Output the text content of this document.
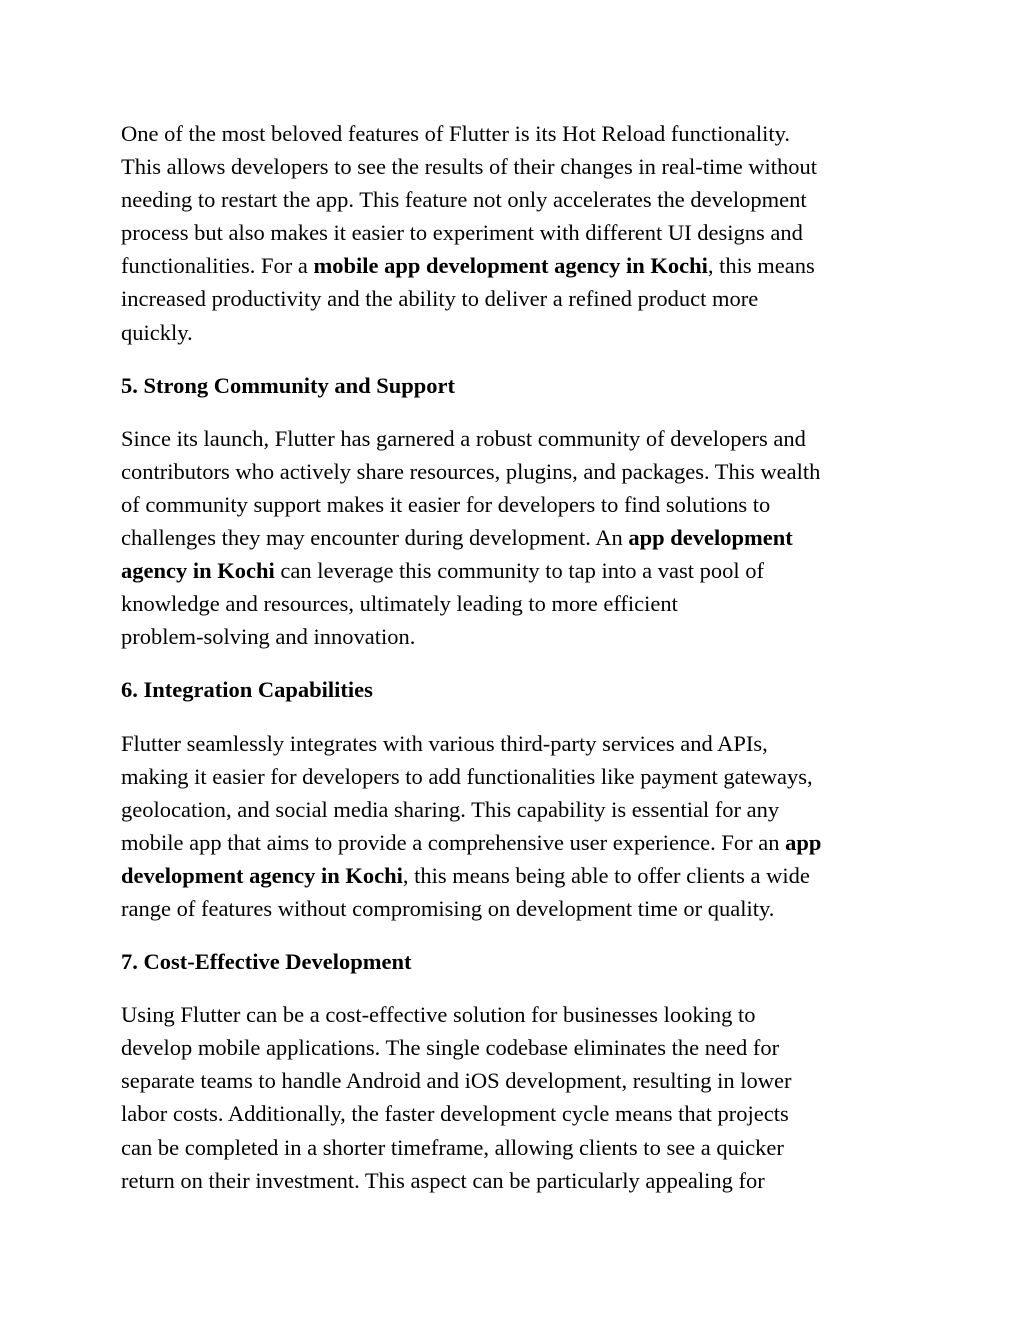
One of the most beloved features of Flutter is its Hot Reload functionality.
This allows developers to see the results of their changes in real-time without
needing to restart the app. This feature not only accelerates the development
process but also makes it easier to experiment with different UI designs and
functionalities. For a mobile app development agency in Kochi, this means
increased productivity and the ability to deliver a refined product more
quickly.
5. Strong Community and Support
Since its launch, Flutter has garnered a robust community of developers and
contributors who actively share resources, plugins, and packages. This wealth
of community support makes it easier for developers to find solutions to
challenges they may encounter during development. An app development
agency in Kochi can leverage this community to tap into a vast pool of
knowledge and resources, ultimately leading to more efficient
problem-solving and innovation.
6. Integration Capabilities
Flutter seamlessly integrates with various third-party services and APIs,
making it easier for developers to add functionalities like payment gateways,
geolocation, and social media sharing. This capability is essential for any
mobile app that aims to provide a comprehensive user experience. For an app
development agency in Kochi, this means being able to offer clients a wide
range of features without compromising on development time or quality.
7. Cost-Effective Development
Using Flutter can be a cost-effective solution for businesses looking to
develop mobile applications. The single codebase eliminates the need for
separate teams to handle Android and iOS development, resulting in lower
labor costs. Additionally, the faster development cycle means that projects
can be completed in a shorter timeframe, allowing clients to see a quicker
return on their investment. This aspect can be particularly appealing for
